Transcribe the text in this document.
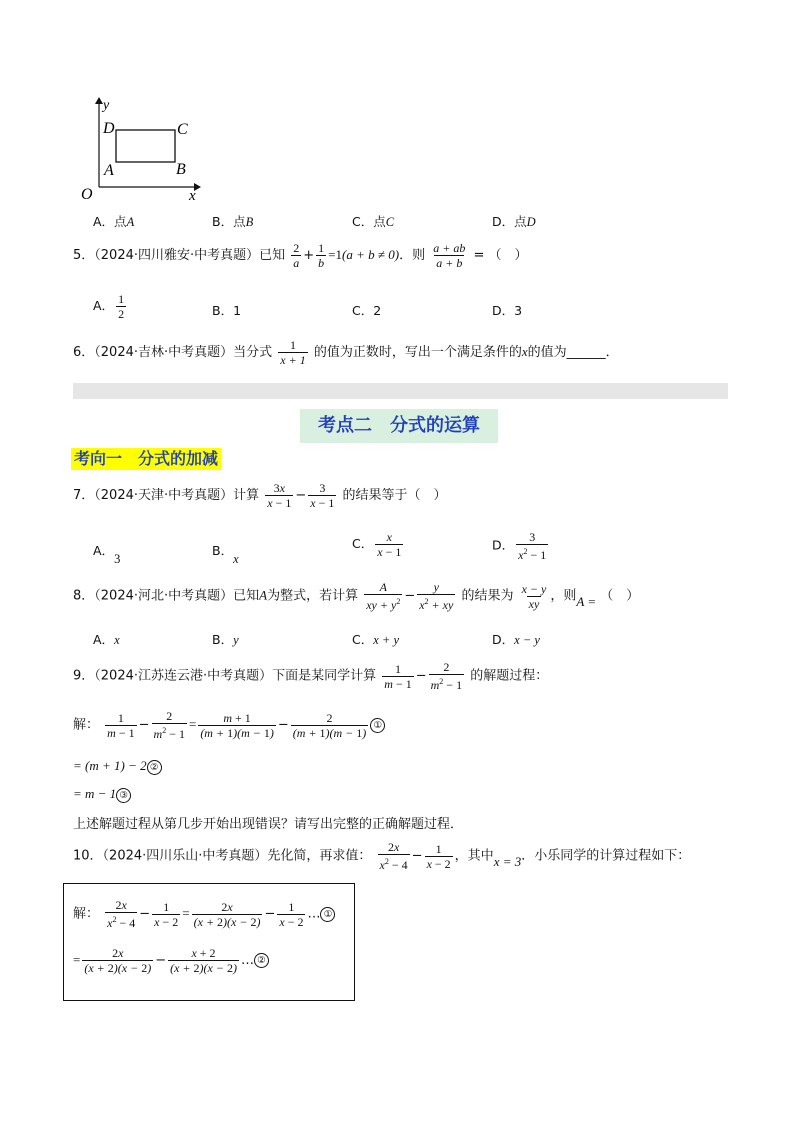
y
x
O
D	C
A	B
A．点A	B．点B	C．点C	D．点D
5．（2024·四川雅安·中考真题）已知 $\frac{2}{a} + \frac{1}{b} =1(a + b \ne 0)$．则 $\frac{a + ab}{a + b}$ = （　）
A． $\frac{1}{2}$	B．1	C．2	D．3
6．（2024·吉林·中考真题）当分式 $\frac{1}{x + 1}$ 的值为正数时，写出一个满足条件的x的值为______．
考点二　分式的运算
考向一　分式的加减
7．（2024·天津·中考真题）计算 $\frac{3x}{x - 1} - \frac{3}{x - 1}$ 的结果等于（　）
A．3
B．x
C． $\frac{x}{x - 1}$	D． $\frac{3}{x^2 - 1}$
8．（2024·河北·中考真题）已知A为整式，若计算 $\frac{A}{xy + y^2} - \frac{y}{x^2 + xy}$ 的结果为 $\frac{x - y}{xy}$ ，则A = （　）
A．x	B．y	C．x + y	D．x − y
9．（2024·江苏连云港·中考真题）下面是某同学计算 $\frac{1}{m - 1} - \frac{2}{m^2 - 1}$ 的解题过程：
解： $\frac{1}{m - 1} - \frac{2}{m^2 - 1} = \frac{m + 1}{(m + 1)(m - 1)} - \frac{2}{(m + 1)(m - 1)}$ ①
= (m + 1) − 2 ②
= m − 1 ③
上述解题过程从第几步开始出现错误？请写出完整的正确解题过程．
10．（2024·四川乐山·中考真题）先化简，再求值： $\frac{2x}{x^2 - 4} - \frac{1}{x - 2}$ ，其中x = 3．小乐同学的计算过程如下：
解： $\frac{2x}{x^2 - 4} - \frac{1}{x - 2} = \frac{2x}{(x + 2)(x - 2)} - \frac{1}{x - 2}$ … ①
= $\frac{2x}{(x + 2)(x - 2)} - \frac{x + 2}{(x + 2)(x - 2)}$ … ②
